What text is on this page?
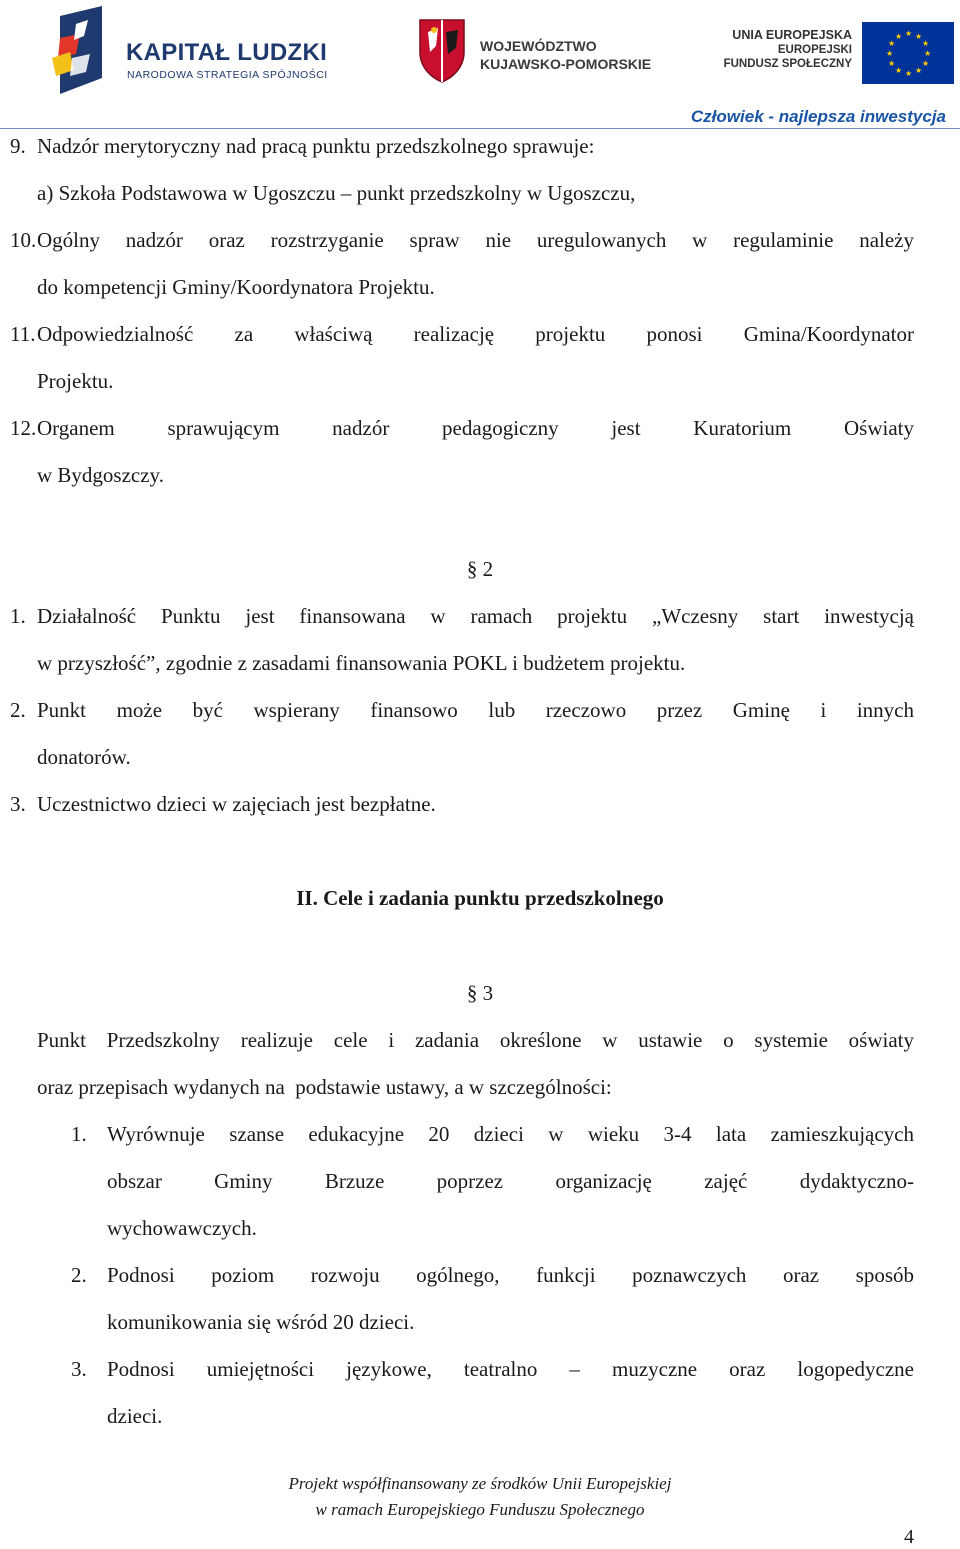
KAPITAŁ LUDZKI
NARODOWA STRATEGIA SPÓJNOŚCI
WOJEWÓDZTWO
KUJAWSKO-POMORSKIE
UNIA EUROPEJSKA
EUROPEJSKI
FUNDUSZ SPOŁECZNY
★ ★
★
★
★
★
★
★
★
★
★
★
Człowiek - najlepsza inwestycja
9. Nadzór merytoryczny nad pracą punktu przedszkolnego sprawuje:
a) Szkoła Podstawowa w Ugoszczu – punkt przedszkolny w Ugoszczu,
10. Ogólny nadzór oraz rozstrzyganie spraw nie uregulowanych w regulaminie należy
do kompetencji Gminy/Koordynatora Projektu.
11. Odpowiedzialność za właściwą realizację projektu ponosi Gmina/Koordynator
Projektu.
12. Organem sprawującym nadzór pedagogiczny jest Kuratorium Oświaty
w Bydgoszczy.
§ 2
1. Działalność Punktu jest finansowana w ramach projektu „Wczesny start inwestycją
w przyszłość”, zgodnie z zasadami finansowania POKL i budżetem projektu.
2. Punkt może być wspierany finansowo lub rzeczowo przez Gminę i innych
donatorów.
3. Uczestnictwo dzieci w zajęciach jest bezpłatne.
II. Cele i zadania punktu przedszkolnego
§ 3
Punkt Przedszkolny realizuje cele i zadania określone w ustawie o systemie oświaty
oraz przepisach wydanych na  podstawie ustawy, a w szczególności:
1. Wyrównuje szanse edukacyjne 20 dzieci w wieku 3-4 lata zamieszkujących
obszar Gminy Brzuze poprzez organizację zajęć dydaktyczno-
wychowawczych.
2. Podnosi poziom rozwoju ogólnego, funkcji poznawczych oraz sposób
komunikowania się wśród 20 dzieci.
3. Podnosi umiejętności językowe, teatralno – muzyczne oraz logopedyczne
dzieci.
Projekt współfinansowany ze środków Unii Europejskiej
w ramach Europejskiego Funduszu Społecznego
4
